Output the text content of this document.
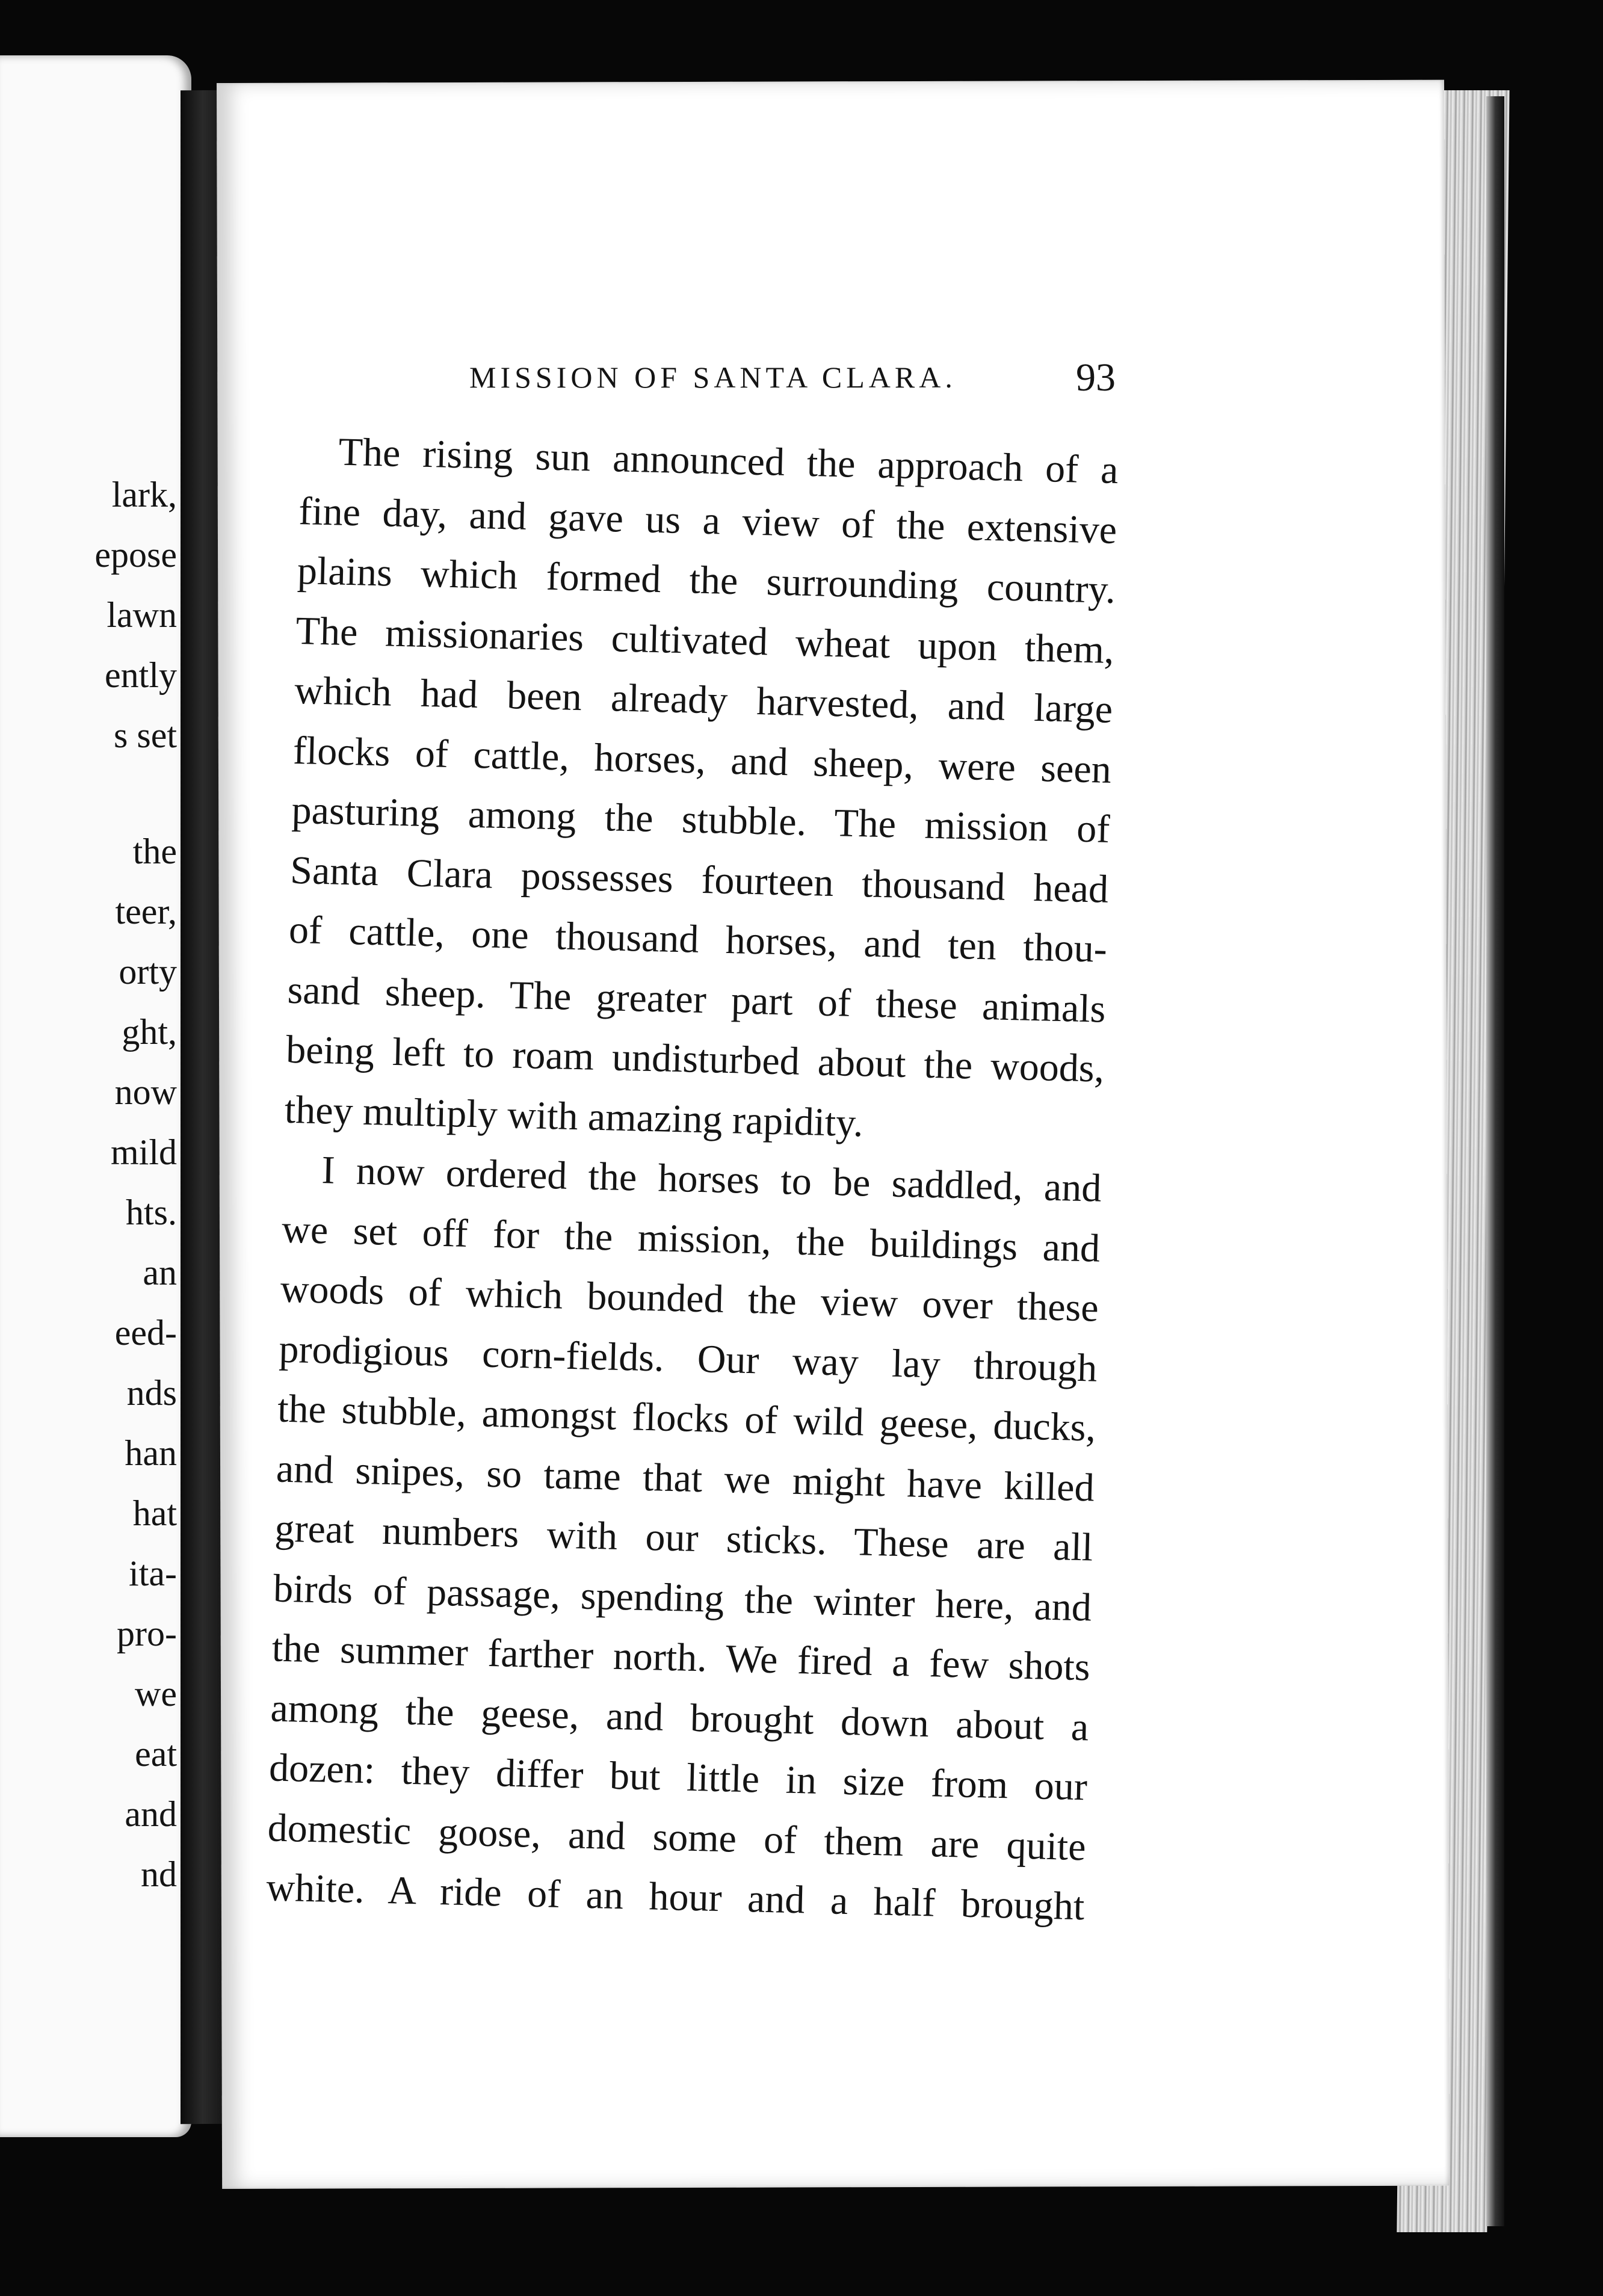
lark,
epose
lawn
ently
s set
the
teer,
orty
ght,
now
mild
hts.
an
eed-
nds
han
hat
ita-
pro-
we
eat
and
nd
MISSION OF SANTA CLARA.	93
The rising sun announced the approach of a
fine day, and gave us a view of the extensive
plains which formed the surrounding country.
The missionaries cultivated wheat upon them,
which had been already harvested, and large
flocks of cattle, horses, and sheep, were seen
pasturing among the stubble. The mission of
Santa Clara possesses fourteen thousand head
of cattle, one thousand horses, and ten thou-
sand sheep. The greater part of these animals
being left to roam undisturbed about the woods,
they multiply with amazing rapidity.
I now ordered the horses to be saddled, and
we set off for the mission, the buildings and
woods of which bounded the view over these
prodigious corn-fields. Our way lay through
the stubble, amongst flocks of wild geese, ducks,
and snipes, so tame that we might have killed
great numbers with our sticks. These are all
birds of passage, spending the winter here, and
the summer farther north. We fired a few shots
among the geese, and brought down about a
dozen: they differ but little in size from our
domestic goose, and some of them are quite
white. A ride of an hour and a half brought
